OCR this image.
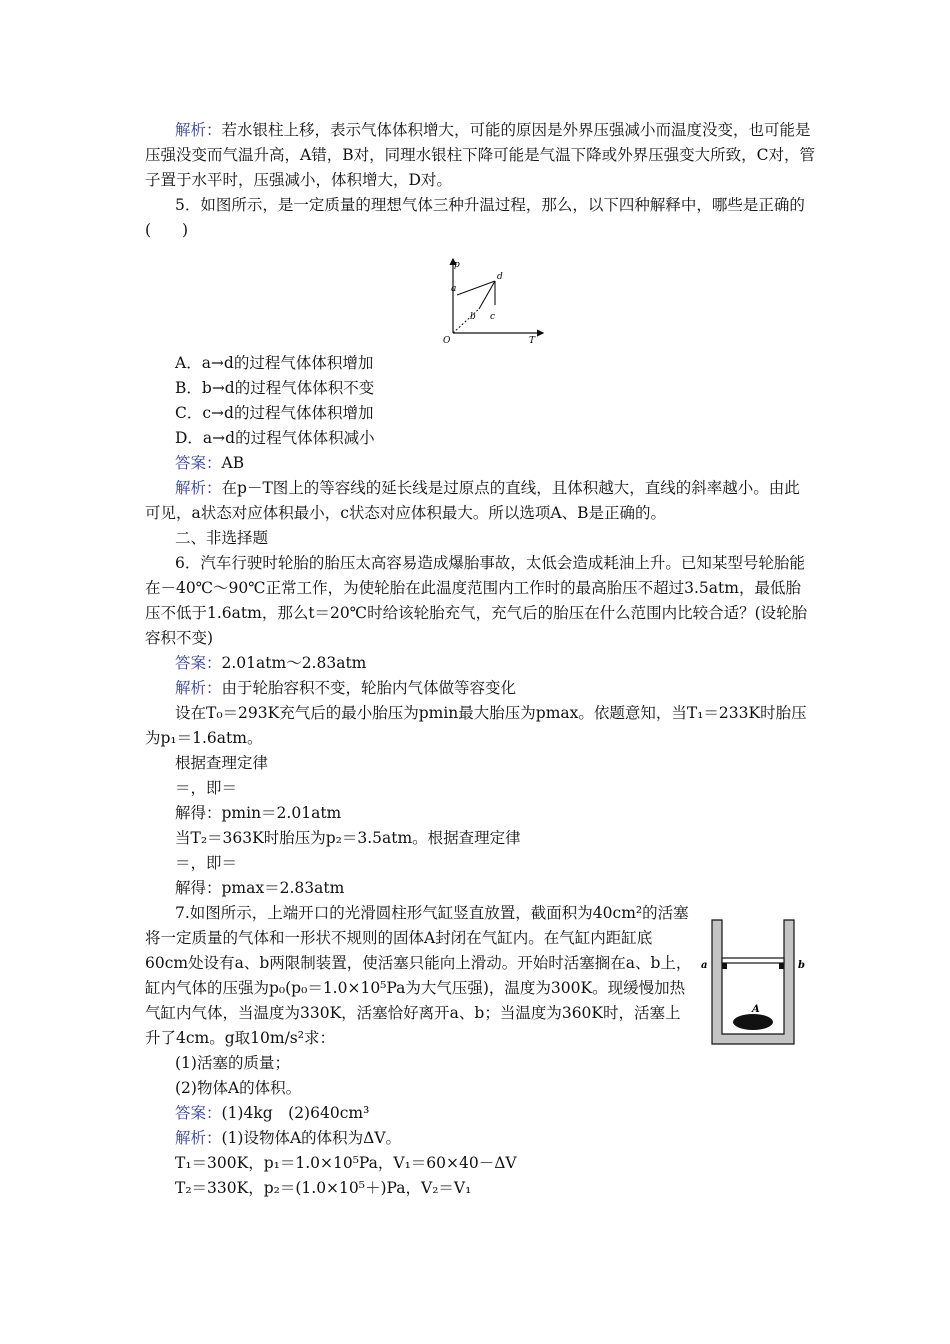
解析：若水银柱上移，表示气体体积增大，可能的原因是外界压强减小而温度没变，也可能是压强没变而气温升高，A错，B对，同理水银柱下降可能是气温下降或外界压强变大所致，C对，管子置于水平时，压强减小，体积增大，D对。

5．如图所示，是一定质量的理想气体三种升温过程，那么，以下四种解释中，哪些是正确的(　　)

A．a→d的过程气体体积增加

B．b→d的过程气体体积不变

C．c→d的过程气体体积增加

D．a→d的过程气体体积减小

答案：AB

解析：在p－T图上的等容线的延长线是过原点的直线，且体积越大，直线的斜率越小。由此可见，a状态对应体积最小，c状态对应体积最大。所以选项A、B是正确的。

二、非选择题

6．汽车行驶时轮胎的胎压太高容易造成爆胎事故，太低会造成耗油上升。已知某型号轮胎能在－40℃～90℃正常工作，为使轮胎在此温度范围内工作时的最高胎压不超过3.5atm，最低胎压不低于1.6atm，那么t＝20℃时给该轮胎充气，充气后的胎压在什么范围内比较合适？(设轮胎容积不变)

答案：2.01atm～2.83atm

解析：由于轮胎容积不变，轮胎内气体做等容变化

设在T₀＝293K充气后的最小胎压为pmin最大胎压为pmax。依题意知，当T₁＝233K时胎压为p₁＝1.6atm。

根据查理定律

＝，即＝

解得：pmin＝2.01atm

当T₂＝363K时胎压为p₂＝3.5atm。根据查理定律

＝，即＝

解得：pmax＝2.83atm

7.如图所示，上端开口的光滑圆柱形气缸竖直放置，截面积为40cm²的活塞将一定质量的气体和一形状不规则的固体A封闭在气缸内。在气缸内距缸底60cm处设有a、b两限制装置，使活塞只能向上滑动。开始时活塞搁在a、b上，缸内气体的压强为p₀(p₀＝1.0×10⁵Pa为大气压强)，温度为300K。现缓慢加热气缸内气体，当温度为330K，活塞恰好离开a、b；当温度为360K时，活塞上升了4cm。g取10m/s²求：

(1)活塞的质量；

(2)物体A的体积。

答案：(1)4kg　(2)640cm³

解析：(1)设物体A的体积为ΔV。

T₁＝300K，p₁＝1.0×10⁵Pa，V₁＝60×40－ΔV

T₂＝330K，p₂＝(1.0×10⁵＋)Pa，V₂＝V₁

p
T
O
a
b c
d
a	b
A
